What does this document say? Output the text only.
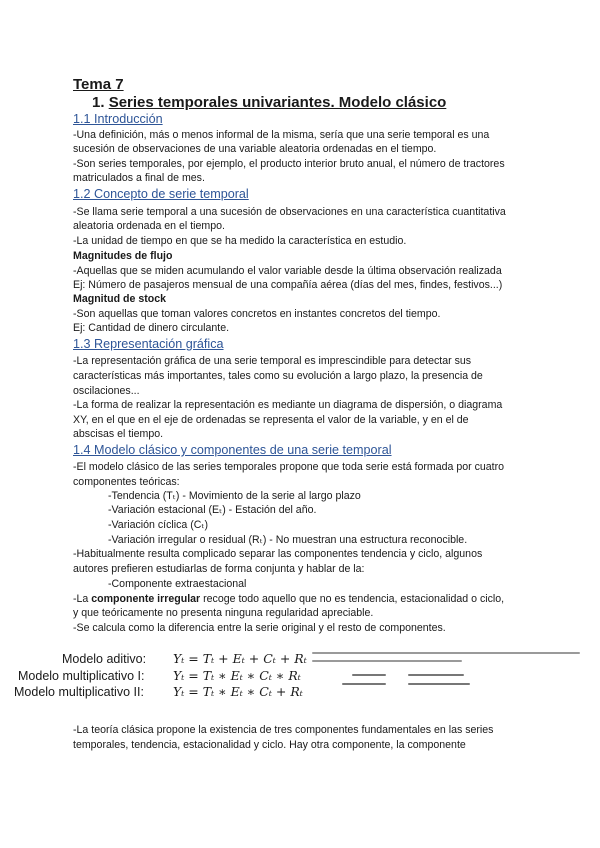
Tema 7
1. Series temporales univariantes. Modelo clásico
1.1 Introducción
-Una definición, más o menos informal de la misma, sería que una serie temporal es una
sucesión de observaciones de una variable aleatoria ordenadas en el tiempo.
-Son series temporales, por ejemplo, el producto interior bruto anual, el número de tractores
matriculados a final de mes.
1.2 Concepto de serie temporal
-Se llama serie temporal a una sucesión de observaciones en una característica cuantitativa
aleatoria ordenada en el tiempo.
-La unidad de tiempo en que se ha medido la característica en estudio.
Magnitudes de flujo
-Aquellas que se miden acumulando el valor variable desde la última observación realizada
Ej: Número de pasajeros mensual de una compañía aérea (días del mes, findes, festivos...)
Magnitud de stock
-Son aquellas que toman valores concretos en instantes concretos del tiempo.
Ej: Cantidad de dinero circulante.
1.3 Representación gráfica
-La representación gráfica de una serie temporal es imprescindible para detectar sus
características más importantes, tales como su evolución a largo plazo, la presencia de
oscilaciones...
-La forma de realizar la representación es mediante un diagrama de dispersión, o diagrama
XY, en el que en el eje de ordenadas se representa el valor de la variable, y en el de
abscisas el tiempo.
1.4 Modelo clásico y componentes de una serie temporal
-El modelo clásico de las series temporales propone que toda serie está formada por cuatro
componentes teóricas:
-Tendencia (Tₜ) - Movimiento de la serie al largo plazo
-Variación estacional (Eₜ) - Estación del año.
-Variación cíclica (Cₜ)
-Variación irregular o residual (Rₜ) - No muestran una estructura reconocible.
-Habitualmente resulta complicado separar las componentes tendencia y ciclo, algunos
autores prefieren estudiarlas de forma conjunta y hablar de la:
-Componente extraestacional
-La componente irregular recoge todo aquello que no es tendencia, estacionalidad o ciclo,
y que teóricamente no presenta ninguna regularidad apreciable.
-Se calcula como la diferencia entre la serie original y el resto de componentes.
Modelo aditivo: Yₜ = Tₜ + Eₜ + Cₜ + Rₜ
Modelo multiplicativo I: Yₜ = Tₜ ∗ Eₜ ∗ Cₜ ∗ Rₜ
Modelo multiplicativo II: Yₜ = Tₜ ∗ Eₜ ∗ Cₜ + Rₜ
-La teoría clásica propone la existencia de tres componentes fundamentales en las series
temporales, tendencia, estacionalidad y ciclo. Hay otra componente, la componente
